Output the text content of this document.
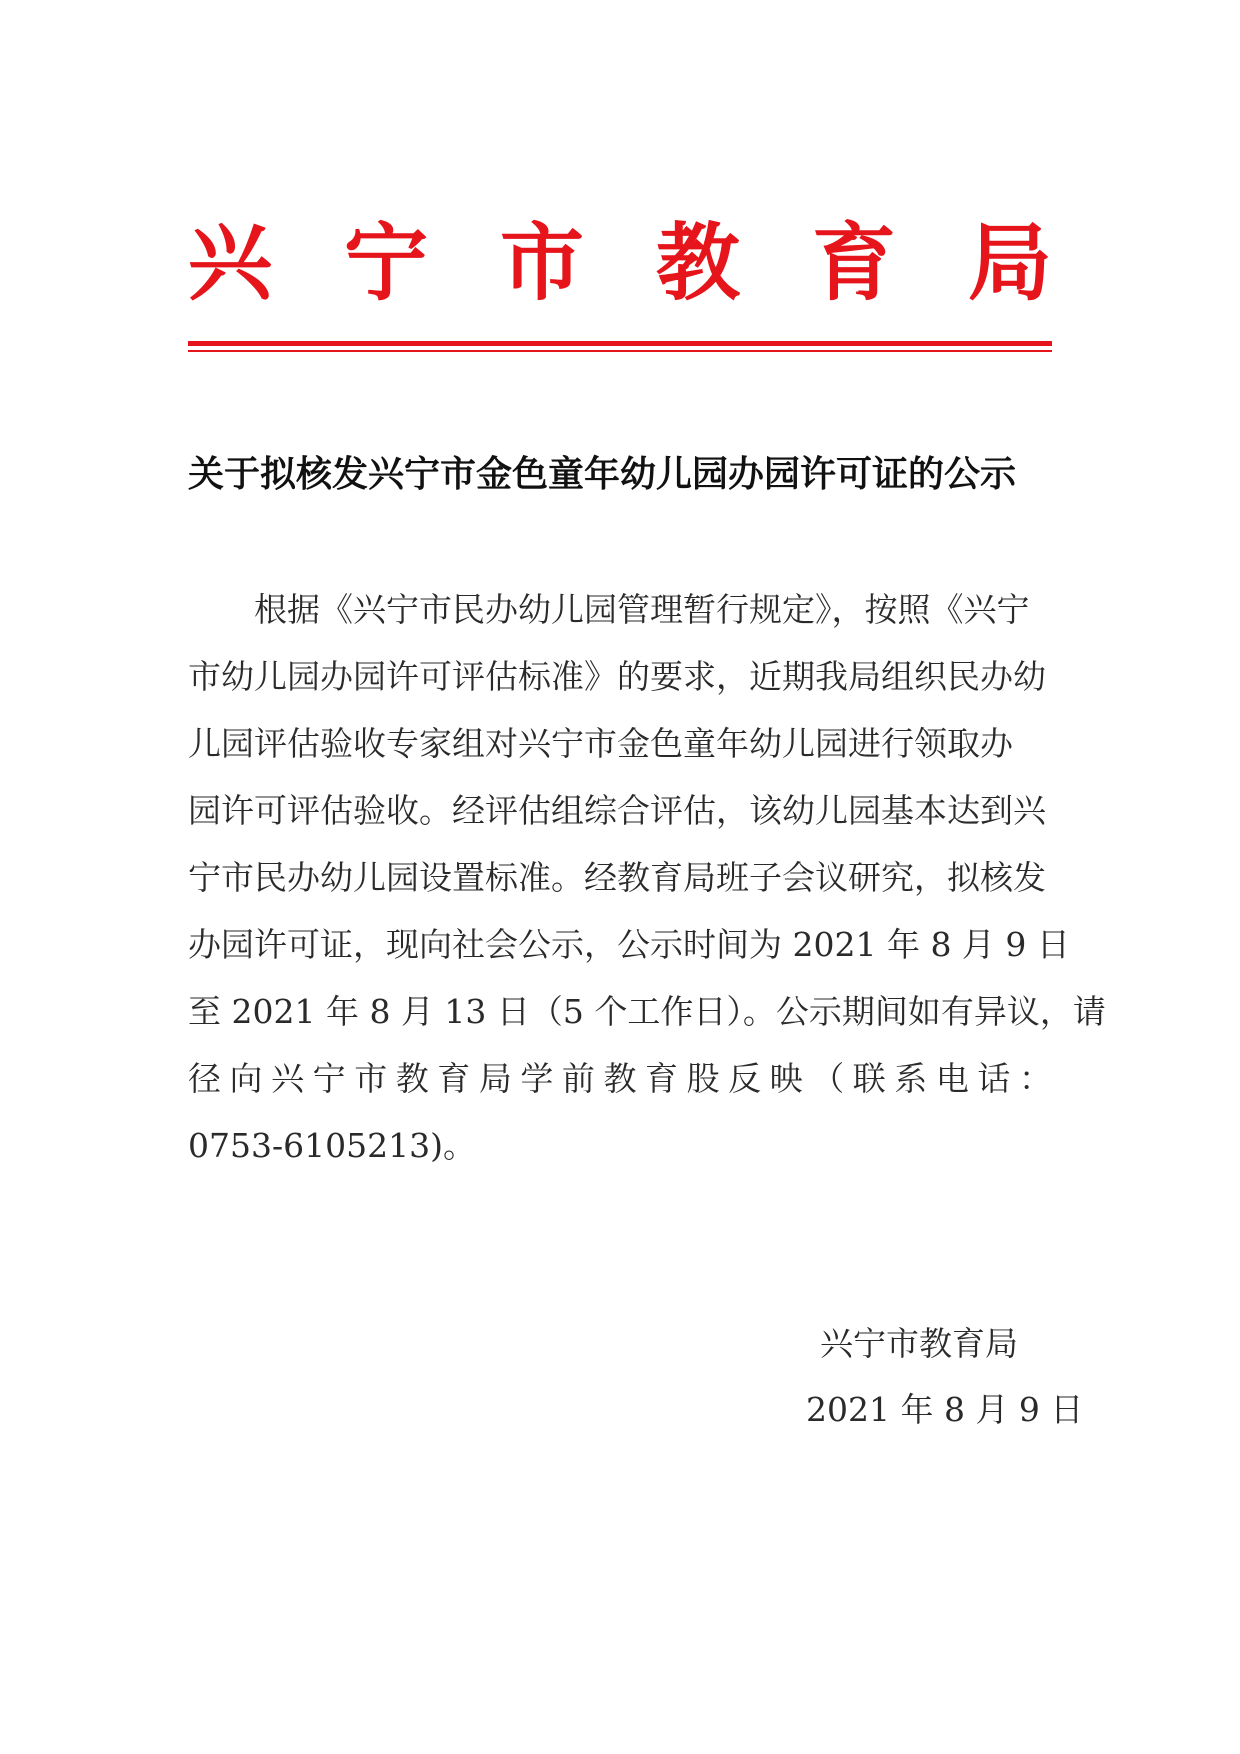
兴 宁 市 教 育 局
关于拟核发兴宁市金色童年幼儿园办园许可证的公示
根据《兴宁市民办幼儿园管理暂行规定》，按照《兴宁
市幼儿园办园许可评估标准》的要求，近期我局组织民办幼
儿园评估验收专家组对兴宁市金色童年幼儿园进行领取办
园许可评估验收。经评估组综合评估，该幼儿园基本达到兴
宁市民办幼儿园设置标准。经教育局班子会议研究，拟核发
办园许可证，现向社会公示，公示时间为 2021 年 8 月 9 日
至 2021 年 8 月 13 日（5 个工作日）。公示期间如有异议，请
径 向 兴 宁 市 教 育 局 学 前 教 育 股 反 映 （ 联 系 电 话 ：
0753-6105213)。
兴宁市教育局
2021 年 8 月 9 日
